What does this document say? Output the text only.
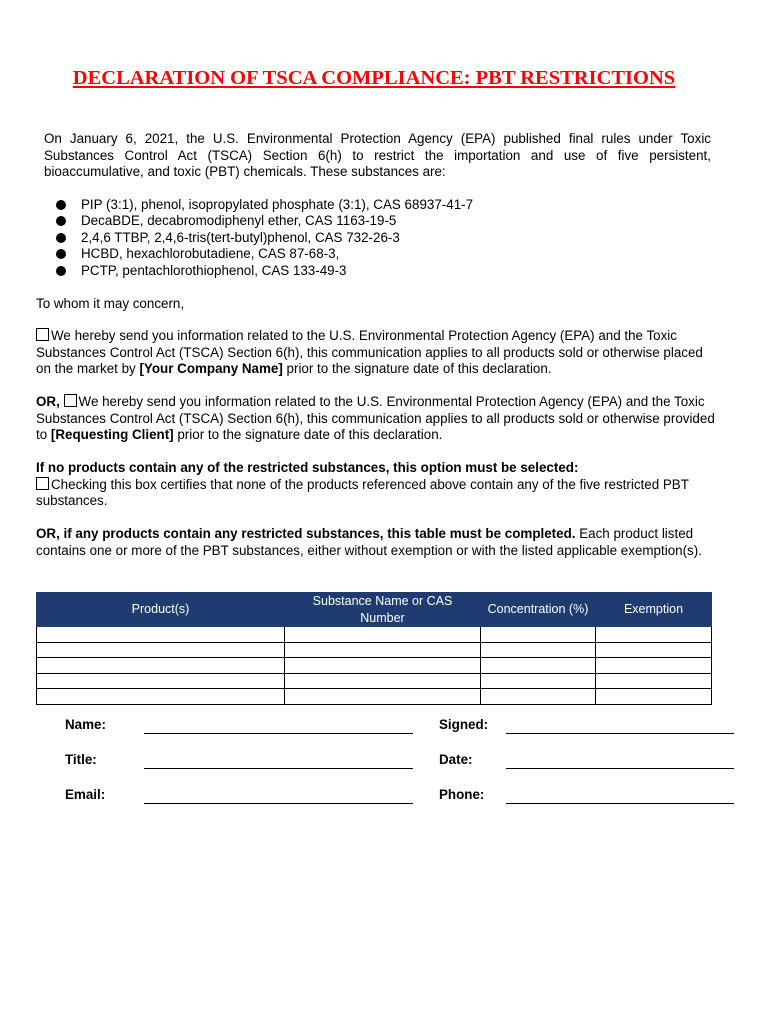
DECLARATION OF TSCA COMPLIANCE: PBT RESTRICTIONS

On January 6, 2021, the U.S. Environmental Protection Agency (EPA) published final rules under Toxic Substances Control Act (TSCA) Section 6(h) to restrict the importation and use of five persistent, bioaccumulative, and toxic (PBT) chemicals. These substances are:

PIP (3:1), phenol, isopropylated phosphate (3:1), CAS 68937-41-7
DecaBDE, decabromodiphenyl ether, CAS 1163-19-5
2,4,6 TTBP, 2,4,6-tris(tert-butyl)phenol, CAS 732-26-3
HCBD, hexachlorobutadiene, CAS 87-68-3,
PCTP, pentachlorothiophenol, CAS 133-49-3

To whom it may concern,

We hereby send you information related to the U.S. Environmental Protection Agency (EPA) and the Toxic Substances Control Act (TSCA) Section 6(h), this communication applies to all products sold or otherwise placed on the market by [Your Company Name] prior to the signature date of this declaration.

OR, We hereby send you information related to the U.S. Environmental Protection Agency (EPA) and the Toxic Substances Control Act (TSCA) Section 6(h), this communication applies to all products sold or otherwise provided to [Requesting Client] prior to the signature date of this declaration.

If no products contain any of the restricted substances, this option must be selected:
Checking this box certifies that none of the products referenced above contain any of the five restricted PBT substances.

OR, if any products contain any restricted substances, this table must be completed. Each product listed contains one or more of the PBT substances, either without exemption or with the listed applicable exemption(s).

Product(s)	Substance Name or CAS Number	Concentration (%)	Exemption

Name:	Signed:
Title:	Date:
Email:	Phone:
